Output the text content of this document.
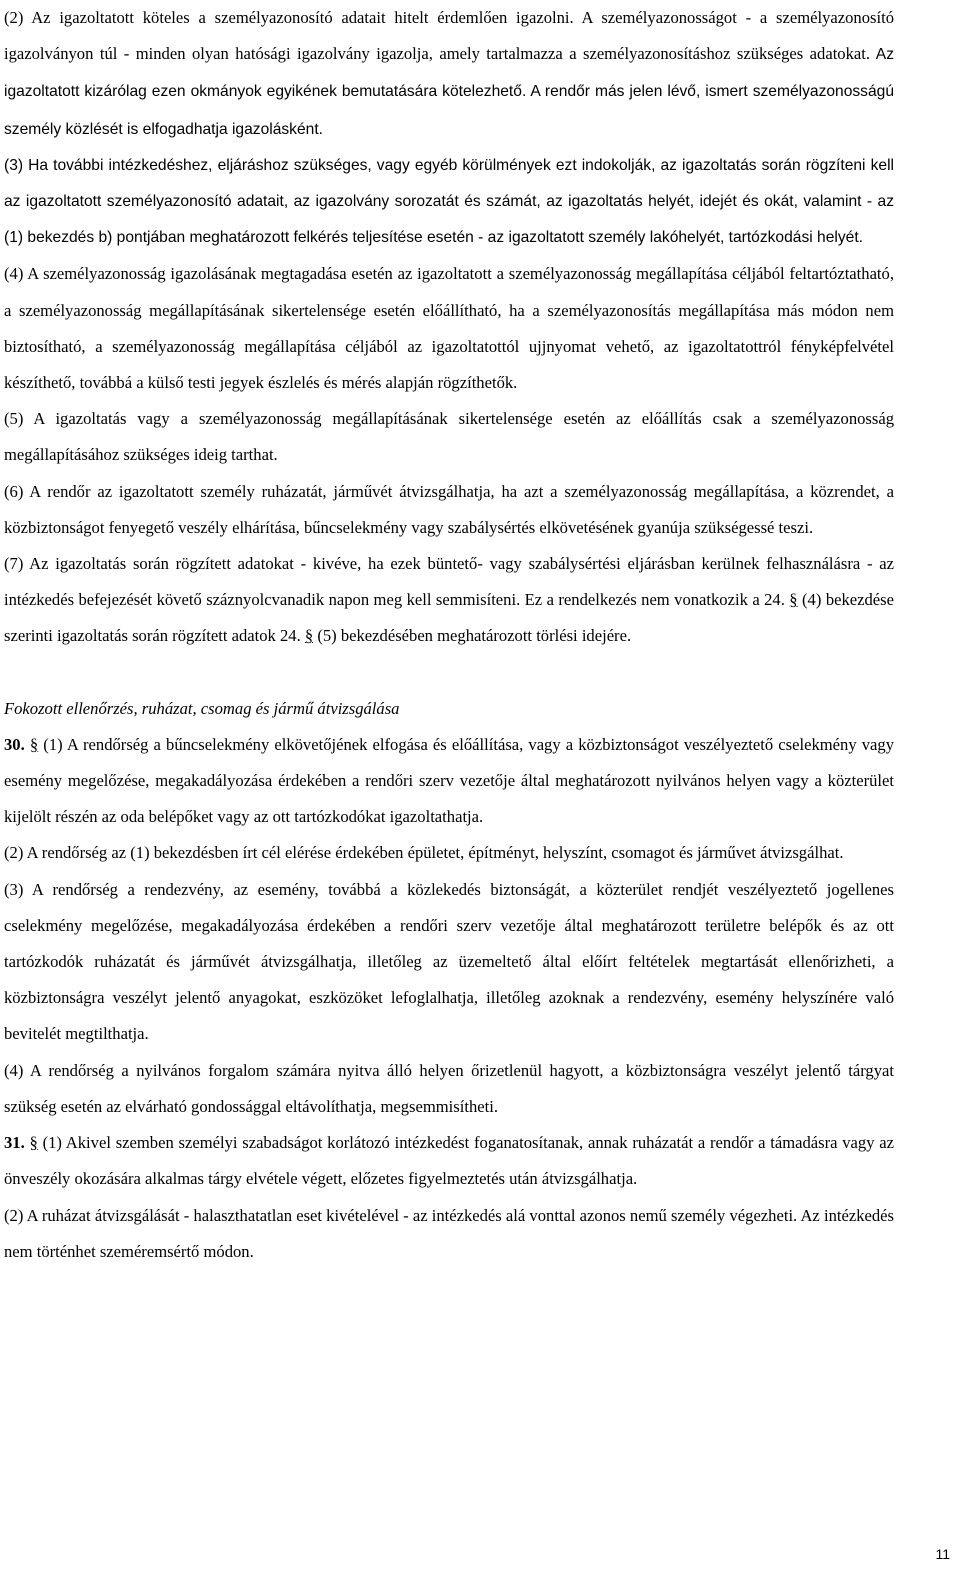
(2) Az igazoltatott köteles a személyazonosító adatait hitelt érdemlően igazolni. A személyazonosságot - a személyazonosító igazolványon túl - minden olyan hatósági igazolvány igazolja, amely tartalmazza a személyazonosításhoz szükséges adatokat. Az igazoltatott kizárólag ezen okmányok egyikének bemutatására kötelezhető. A rendőr más jelen lévő, ismert személyazonosságú személy közlését is elfogadhatja igazolásként.

(3) Ha további intézkedéshez, eljáráshoz szükséges, vagy egyéb körülmények ezt indokolják, az igazoltatás során rögzíteni kell az igazoltatott személyazonosító adatait, az igazolvány sorozatát és számát, az igazoltatás helyét, idejét és okát, valamint - az (1) bekezdés b) pontjában meghatározott felkérés teljesítése esetén - az igazoltatott személy lakóhelyét, tartózkodási helyét.

(4) A személyazonosság igazolásának megtagadása esetén az igazoltatott a személyazonosság megállapítása céljából feltartóztatható, a személyazonosság megállapításának sikertelensége esetén előállítható, ha a személyazonosítás megállapítása más módon nem biztosítható, a személyazonosság megállapítása céljából az igazoltatottól ujjnyomat vehető, az igazoltatottról fényképfelvétel készíthető, továbbá a külső testi jegyek észlelés és mérés alapján rögzíthetők.

(5) A igazoltatás vagy a személyazonosság megállapításának sikertelensége esetén az előállítás csak a személyazonosság megállapításához szükséges ideig tarthat.

(6) A rendőr az igazoltatott személy ruházatát, járművét átvizsgálhatja, ha azt a személyazonosság megállapítása, a közrendet, a közbiztonságot fenyegető veszély elhárítása, bűncselekmény vagy szabálysértés elkövetésének gyanúja szükségessé teszi.

(7) Az igazoltatás során rögzített adatokat - kivéve, ha ezek büntető- vagy szabálysértési eljárásban kerülnek felhasználásra - az intézkedés befejezését követő száznyolcvanadik napon meg kell semmisíteni. Ez a rendelkezés nem vonatkozik a 24. § (4) bekezdése szerinti igazoltatás során rögzített adatok 24. § (5) bekezdésében meghatározott törlési idejére.

Fokozott ellenőrzés, ruházat, csomag és jármű átvizsgálása

30. § (1) A rendőrség a bűncselekmény elkövetőjének elfogása és előállítása, vagy a közbiztonságot veszélyeztető cselekmény vagy esemény megelőzése, megakadályozása érdekében a rendőri szerv vezetője által meghatározott nyilvános helyen vagy a közterület kijelölt részén az oda belépőket vagy az ott tartózkodókat igazoltathatja.

(2) A rendőrség az (1) bekezdésben írt cél elérése érdekében épületet, építményt, helyszínt, csomagot és járművet átvizsgálhat.

(3) A rendőrség a rendezvény, az esemény, továbbá a közlekedés biztonságát, a közterület rendjét veszélyeztető jogellenes cselekmény megelőzése, megakadályozása érdekében a rendőri szerv vezetője által meghatározott területre belépők és az ott tartózkodók ruházatát és járművét átvizsgálhatja, illetőleg az üzemeltető által előírt feltételek megtartását ellenőrizheti, a közbiztonságra veszélyt jelentő anyagokat, eszközöket lefoglalhatja, illetőleg azoknak a rendezvény, esemény helyszínére való bevitelét megtilthatja.

(4) A rendőrség a nyilvános forgalom számára nyitva álló helyen őrizetlenül hagyott, a közbiztonságra veszélyt jelentő tárgyat szükség esetén az elvárható gondossággal eltávolíthatja, megsemmisítheti.

31. § (1) Akivel szemben személyi szabadságot korlátozó intézkedést foganatosítanak, annak ruházatát a rendőr a támadásra vagy az önveszély okozására alkalmas tárgy elvétele végett, előzetes figyelmeztetés után átvizsgálhatja.

(2) A ruházat átvizsgálását - halaszthatatlan eset kivételével - az intézkedés alá vonttal azonos nemű személy végezheti. Az intézkedés nem történhet szeméremsértő módon.

11
